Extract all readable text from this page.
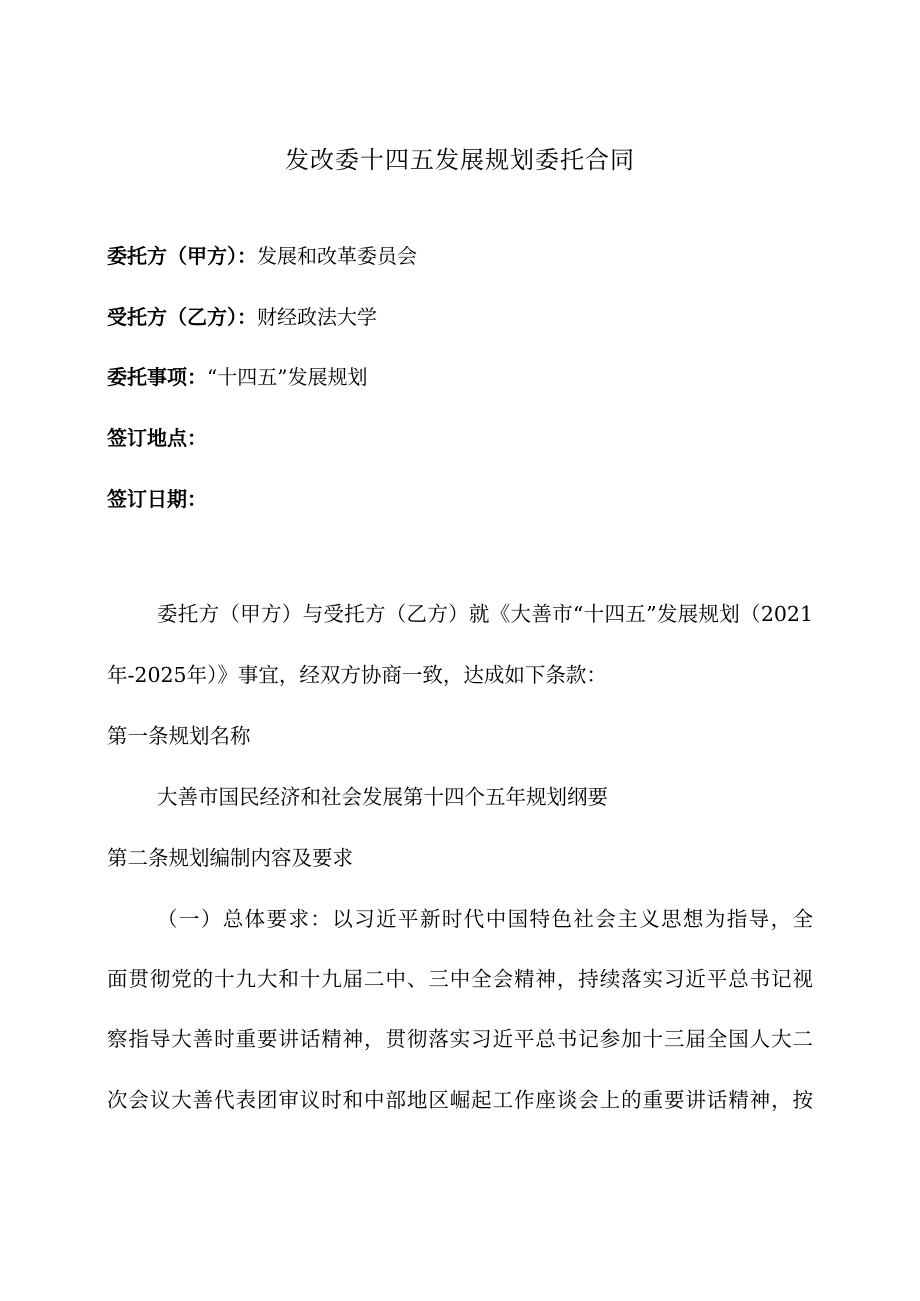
发改委十四五发展规划委托合同
委托方（甲方）：发展和改革委员会
受托方（乙方）：财经政法大学
委托事项：“十四五”发展规划
签订地点：
签订日期：
委托方（甲方）与受托方（乙方）就《大善市“十四五”发展规划（2021
年-2025年）》事宜，经双方协商一致，达成如下条款：
第一条规划名称
大善市国民经济和社会发展第十四个五年规划纲要
第二条规划编制内容及要求
（一）总体要求：以习近平新时代中国特色社会主义思想为指导，全
面贯彻党的十九大和十九届二中、三中全会精神，持续落实习近平总书记视
察指导大善时重要讲话精神，贯彻落实习近平总书记参加十三届全国人大二
次会议大善代表团审议时和中部地区崛起工作座谈会上的重要讲话精神，按
